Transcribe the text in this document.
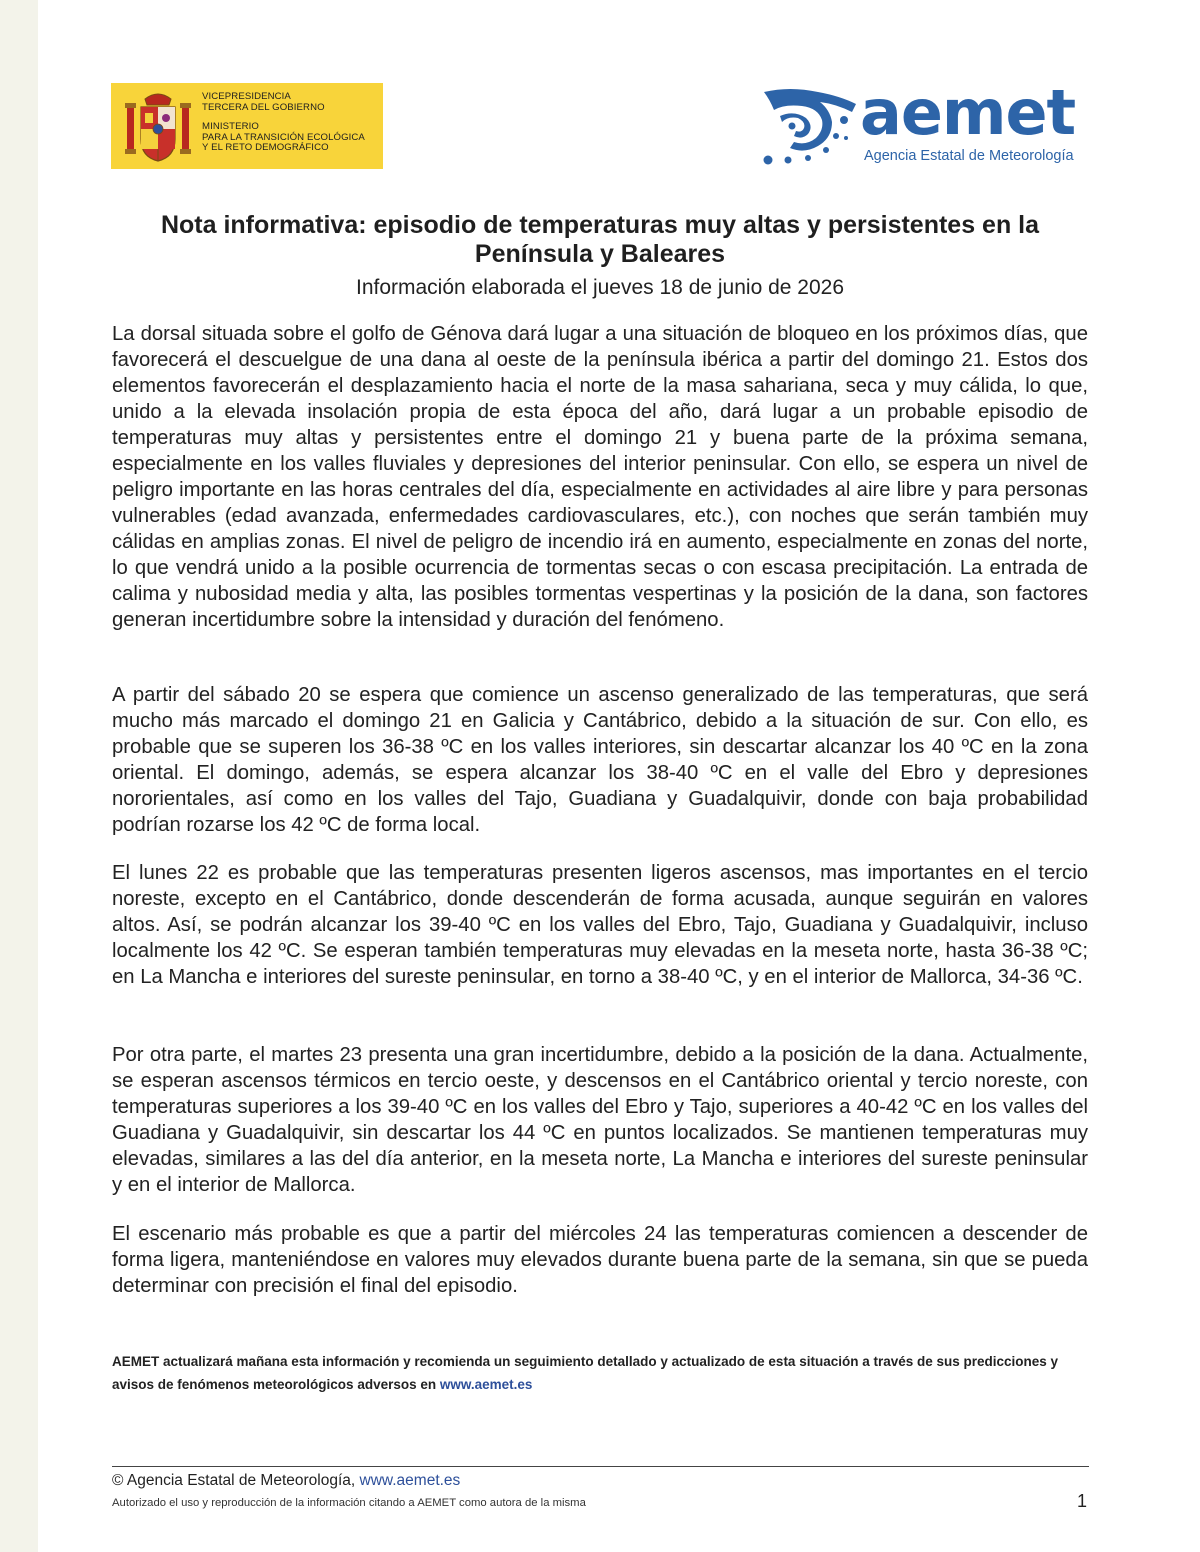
VICEPRESIDENCIA
TERCERA DEL GOBIERNO
MINISTERIO
PARA LA TRANSICIÓN ECOLÓGICA
Y EL RETO DEMOGRÁFICO	aemet
Agencia Estatal de Meteorología
Nota informativa: episodio de temperaturas muy altas y persistentes en la Península y Baleares
Información elaborada el jueves 18 de junio de 2026

La dorsal situada sobre el golfo de Génova dará lugar a una situación de bloqueo en los próximos días, que favorecerá el descuelgue de una dana al oeste de la península ibérica a partir del domingo 21. Estos dos elementos favorecerán el desplazamiento hacia el norte de la masa sahariana, seca y muy cálida, lo que, unido a la elevada insolación propia de esta época del año, dará lugar a un probable episodio de temperaturas muy altas y persistentes entre el domingo 21 y buena parte de la próxima semana, especialmente en los valles fluviales y depresiones del interior peninsular. Con ello, se espera un nivel de peligro importante en las horas centrales del día, especialmente en actividades al aire libre y para personas vulnerables (edad avanzada, enfermedades cardiovasculares, etc.), con noches que serán también muy cálidas en amplias zonas. El nivel de peligro de incendio irá en aumento, especialmente en zonas del norte, lo que vendrá unido a la posible ocurrencia de tormentas secas o con escasa precipitación. La entrada de calima y nubosidad media y alta, las posibles tormentas vespertinas y la posición de la dana, son factores generan incertidumbre sobre la intensidad y duración del fenómeno.

A partir del sábado 20 se espera que comience un ascenso generalizado de las temperaturas, que será mucho más marcado el domingo 21 en Galicia y Cantábrico, debido a la situación de sur. Con ello, es probable que se superen los 36-38 ºC en los valles interiores, sin descartar alcanzar los 40 ºC en la zona oriental. El domingo, además, se espera alcanzar los 38-40 ºC en el valle del Ebro y depresiones nororientales, así como en los valles del Tajo, Guadiana y Guadalquivir, donde con baja probabilidad podrían rozarse los 42 ºC de forma local.

El lunes 22 es probable que las temperaturas presenten ligeros ascensos, mas importantes en el tercio noreste, excepto en el Cantábrico, donde descenderán de forma acusada, aunque seguirán en valores altos. Así, se podrán alcanzar los 39-40 ºC en los valles del Ebro, Tajo, Guadiana y Guadalquivir, incluso localmente los 42 ºC. Se esperan también temperaturas muy elevadas en la meseta norte, hasta 36-38 ºC; en La Mancha e interiores del sureste peninsular, en torno a 38-40 ºC, y en el interior de Mallorca, 34-36 ºC.

Por otra parte, el martes 23 presenta una gran incertidumbre, debido a la posición de la dana. Actualmente, se esperan ascensos térmicos en tercio oeste, y descensos en el Cantábrico oriental y tercio noreste, con temperaturas superiores a los 39-40 ºC en los valles del Ebro y Tajo, superiores a 40-42 ºC en los valles del Guadiana y Guadalquivir, sin descartar los 44 ºC en puntos localizados. Se mantienen temperaturas muy elevadas, similares a las del día anterior, en la meseta norte, La Mancha e interiores del sureste peninsular y en el interior de Mallorca.

El escenario más probable es que a partir del miércoles 24 las temperaturas comiencen a descender de forma ligera, manteniéndose en valores muy elevados durante buena parte de la semana, sin que se pueda determinar con precisión el final del episodio.

AEMET actualizará mañana esta información y recomienda un seguimiento detallado y actualizado de esta situación a través de sus predicciones y avisos de fenómenos meteorológicos adversos en www.aemet.es
© Agencia Estatal de Meteorología, www.aemet.es
Autorizado el uso y reproducción de la información citando a AEMET como autora de la misma	1
